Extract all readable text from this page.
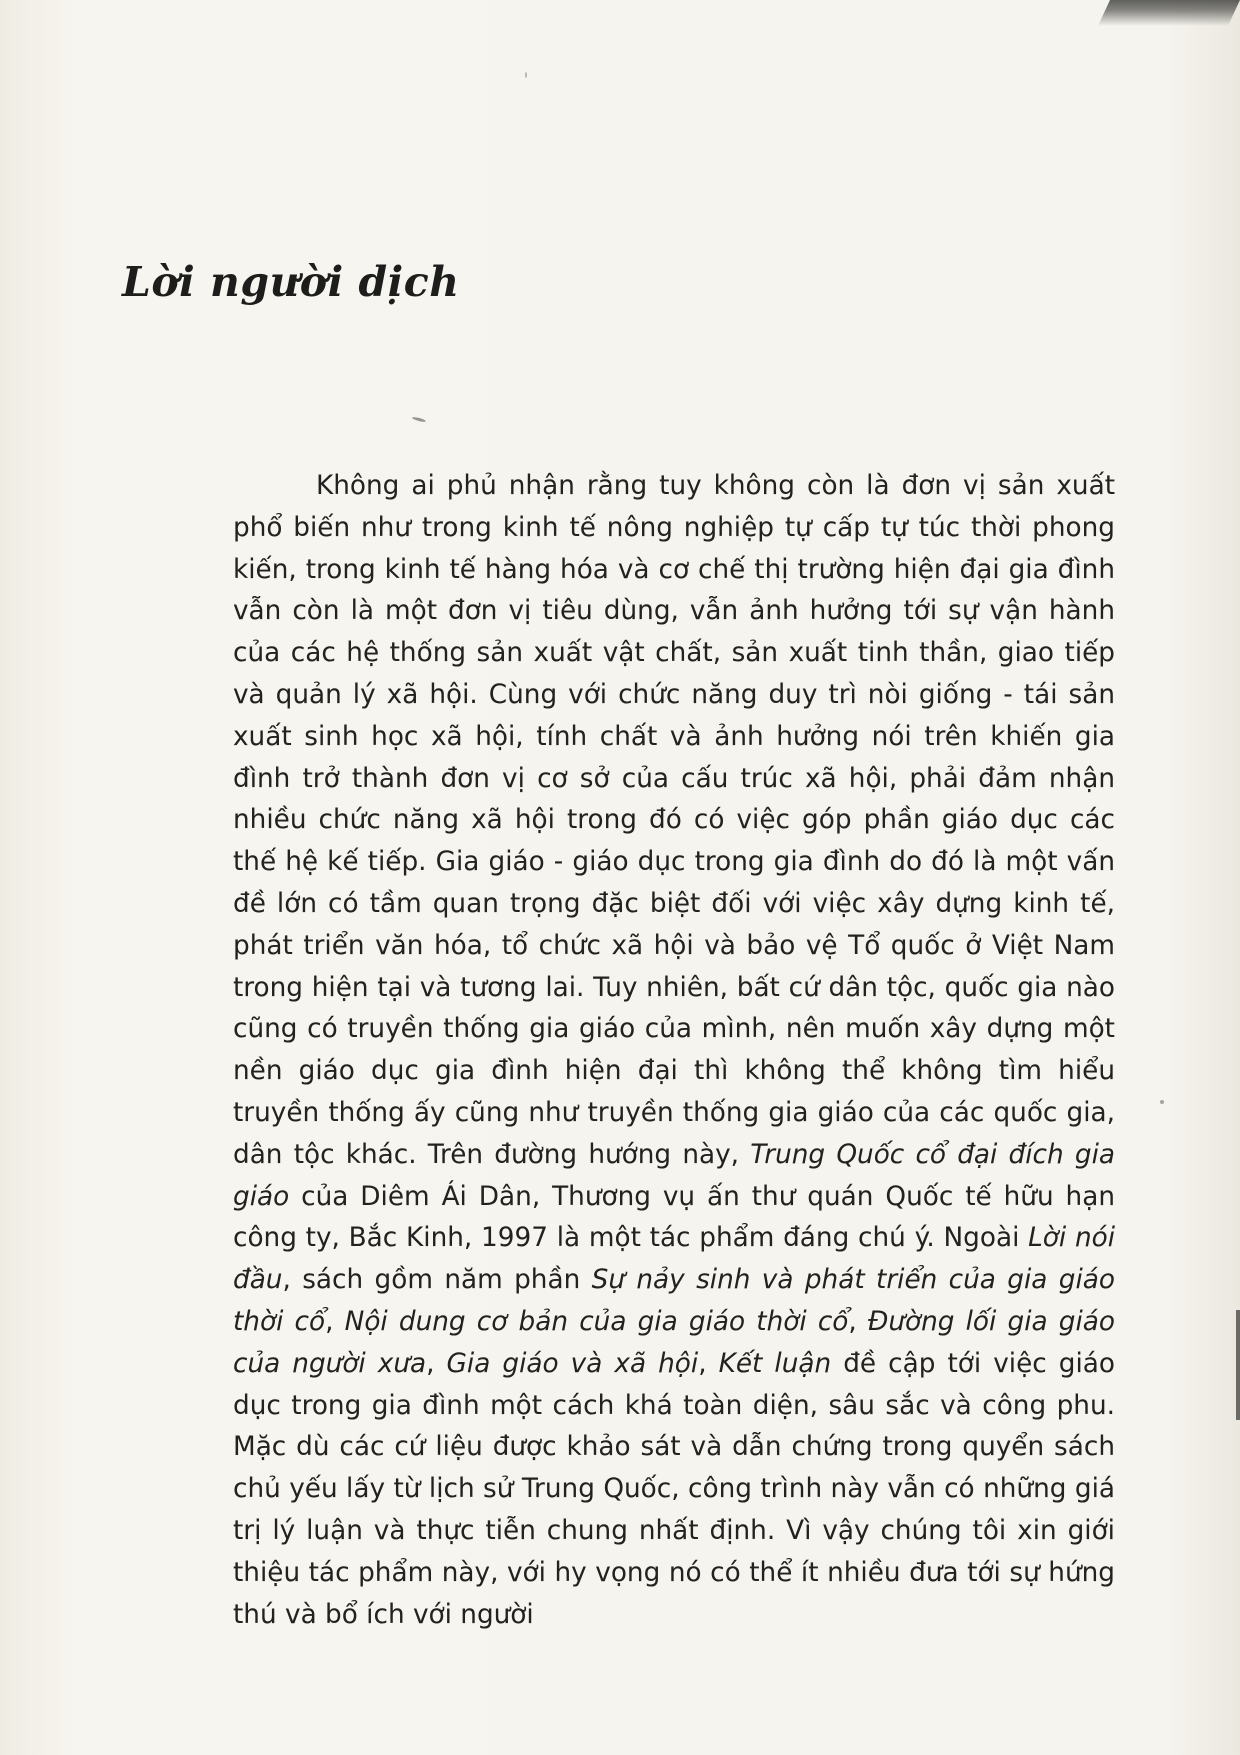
Lời người dịch

Không ai phủ nhận rằng tuy không còn là đơn vị sản xuất phổ biến như trong kinh tế nông nghiệp tự cấp tự túc thời phong kiến, trong kinh tế hàng hóa và cơ chế thị trường hiện đại gia đình vẫn còn là một đơn vị tiêu dùng, vẫn ảnh hưởng tới sự vận hành của các hệ thống sản xuất vật chất, sản xuất tinh thần, giao tiếp và quản lý xã hội. Cùng với chức năng duy trì nòi giống - tái sản xuất sinh học xã hội, tính chất và ảnh hưởng nói trên khiến gia đình trở thành đơn vị cơ sở của cấu trúc xã hội, phải đảm nhận nhiều chức năng xã hội trong đó có việc góp phần giáo dục các thế hệ kế tiếp. Gia giáo - giáo dục trong gia đình do đó là một vấn đề lớn có tầm quan trọng đặc biệt đối với việc xây dựng kinh tế, phát triển văn hóa, tổ chức xã hội và bảo vệ Tổ quốc ở Việt Nam trong hiện tại và tương lai. Tuy nhiên, bất cứ dân tộc, quốc gia nào cũng có truyền thống gia giáo của mình, nên muốn xây dựng một nền giáo dục gia đình hiện đại thì không thể không tìm hiểu truyền thống ấy cũng như truyền thống gia giáo của các quốc gia, dân tộc khác. Trên đường hướng này, Trung Quốc cổ đại đích gia giáo của Diêm Ái Dân, Thương vụ ấn thư quán Quốc tế hữu hạn công ty, Bắc Kinh, 1997 là một tác phẩm đáng chú ý. Ngoài Lời nói đầu, sách gồm năm phần Sự nảy sinh và phát triển của gia giáo thời cổ, Nội dung cơ bản của gia giáo thời cổ, Đường lối gia giáo của người xưa, Gia giáo và xã hội, Kết luận đề cập tới việc giáo dục trong gia đình một cách khá toàn diện, sâu sắc và công phu. Mặc dù các cứ liệu được khảo sát và dẫn chứng trong quyển sách chủ yếu lấy từ lịch sử Trung Quốc, công trình này vẫn có những giá trị lý luận và thực tiễn chung nhất định. Vì vậy chúng tôi xin giới thiệu tác phẩm này, với hy vọng nó có thể ít nhiều đưa tới sự hứng thú và bổ ích với người
